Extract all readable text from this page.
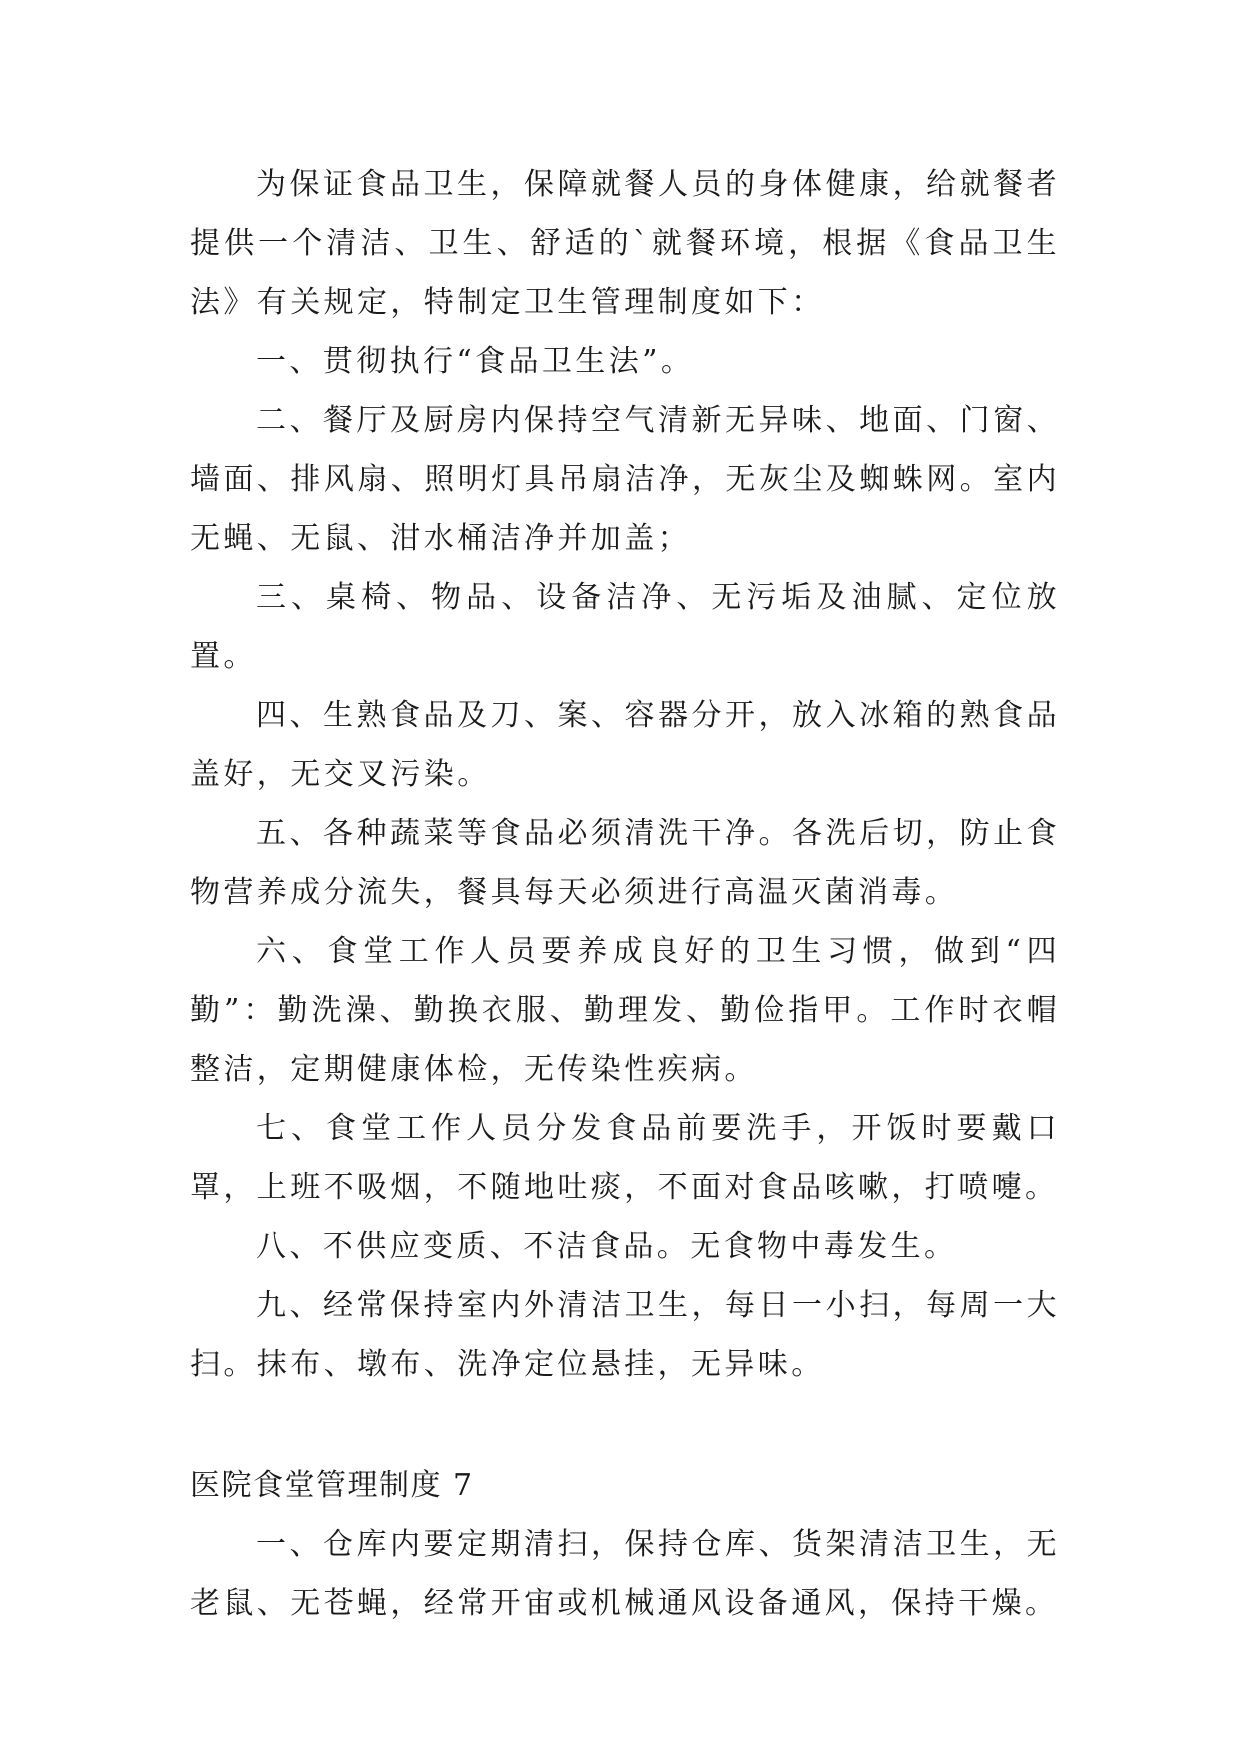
为保证食品卫生，保障就餐人员的身体健康，给就餐者提供一个清洁、卫生、舒适的`就餐环境，根据《食品卫生法》有关规定，特制定卫生管理制度如下：

一、贯彻执行“食品卫生法”。

二、餐厅及厨房内保持空气清新无异味、地面、门窗、墙面、排风扇、照明灯具吊扇洁净，无灰尘及蜘蛛网。室内无蝇、无鼠、泔水桶洁净并加盖；

三、桌椅、物品、设备洁净、无污垢及油腻、定位放置。

四、生熟食品及刀、案、容器分开，放入冰箱的熟食品盖好，无交叉污染。

五、各种蔬菜等食品必须清洗干净。各洗后切，防止食物营养成分流失，餐具每天必须进行高温灭菌消毒。

六、食堂工作人员要养成良好的卫生习惯，做到“四勤”：勤洗澡、勤换衣服、勤理发、勤俭指甲。工作时衣帽整洁，定期健康体检，无传染性疾病。

七、食堂工作人员分发食品前要洗手，开饭时要戴口罩，上班不吸烟，不随地吐痰，不面对食品咳嗽，打喷嚏。

八、不供应变质、不洁食品。无食物中毒发生。

九、经常保持室内外清洁卫生，每日一小扫，每周一大扫。抹布、墩布、洗净定位悬挂，无异味。

医院食堂管理制度 7

一、仓库内要定期清扫，保持仓库、货架清洁卫生，无老鼠、无苍蝇，经常开宙或机械通风设备通风，保持干燥。
